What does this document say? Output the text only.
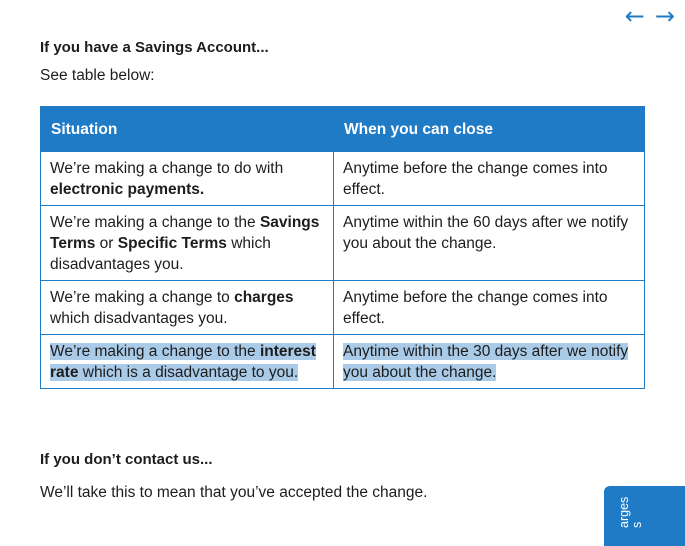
← →
If you have a Savings Account...

See table below:

Situation	When you can close
We’re making a change to do with electronic payments.	Anytime before the change comes into effect.
We’re making a change to the Savings Terms or Specific Terms which disadvantages you.	Anytime within the 60 days after we notify you about the change.
We’re making a change to charges which disadvantages you.	Anytime before the change comes into effect.
We’re making a change to the interest rate which is a disadvantage to you.	Anytime within the 30 days after we notify you about the change.
If you don’t contact us...

We’ll take this to mean that you’ve accepted the change.

arges s
